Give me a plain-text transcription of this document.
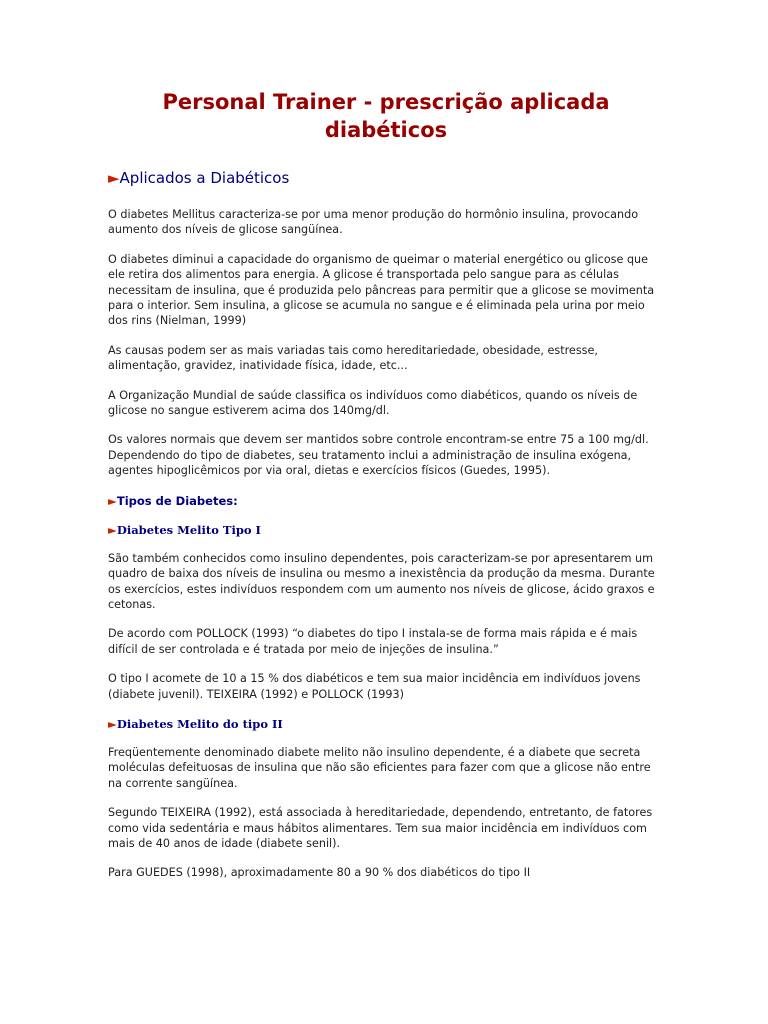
Personal Trainer - prescrição aplicada
diabéticos
►Aplicados a Diabéticos

O diabetes Mellitus caracteriza-se por uma menor produção do hormônio insulina, provocando aumento dos níveis de glicose sangüínea.

O diabetes diminui a capacidade do organismo de queimar o material energético ou glicose que ele retira dos alimentos para energia. A glicose é transportada pelo sangue para as células necessitam de insulina, que é produzida pelo pâncreas para permitir que a glicose se movimenta para o interior. Sem insulina, a glicose se acumula no sangue e é eliminada pela urina por meio dos rins (Nielman, 1999)

As causas podem ser as mais variadas tais como hereditariedade, obesidade, estresse, alimentação, gravidez, inatividade física, idade, etc...

A Organização Mundial de saúde classifica os indivíduos como diabéticos, quando os níveis de glicose no sangue estiverem acima dos 140mg/dl.

Os valores normais que devem ser mantidos sobre controle encontram-se entre 75 a 100 mg/dl. Dependendo do tipo de diabetes, seu tratamento inclui a administração de insulina exógena, agentes hipoglicêmicos por via oral, dietas e exercícios físicos (Guedes, 1995).

►Tipos de Diabetes:
►Diabetes Melito Tipo I

São também conhecidos como insulino dependentes, pois caracterizam-se por apresentarem um quadro de baixa dos níveis de insulina ou mesmo a inexistência da produção da mesma. Durante os exercícios, estes indivíduos respondem com um aumento nos níveis de glicose, ácido graxos e cetonas.

De acordo com POLLOCK (1993) “o diabetes do tipo I instala-se de forma mais rápida e é mais difícil de ser controlada e é tratada por meio de injeções de insulina.”

O tipo I acomete de 10 a 15 % dos diabéticos e tem sua maior incidência em indivíduos jovens (diabete juvenil). TEIXEIRA (1992) e POLLOCK (1993)

►Diabetes Melito do tipo II

Freqüentemente denominado diabete melito não insulino dependente, é a diabete que secreta moléculas defeituosas de insulina que não são eficientes para fazer com que a glicose não entre na corrente sangüínea.

Segundo TEIXEIRA (1992), está associada à hereditariedade, dependendo, entretanto, de fatores como vida sedentária e maus hábitos alimentares. Tem sua maior incidência em indivíduos com mais de 40 anos de idade (diabete senil).

Para GUEDES (1998), aproximadamente 80 a 90 % dos diabéticos do tipo II
